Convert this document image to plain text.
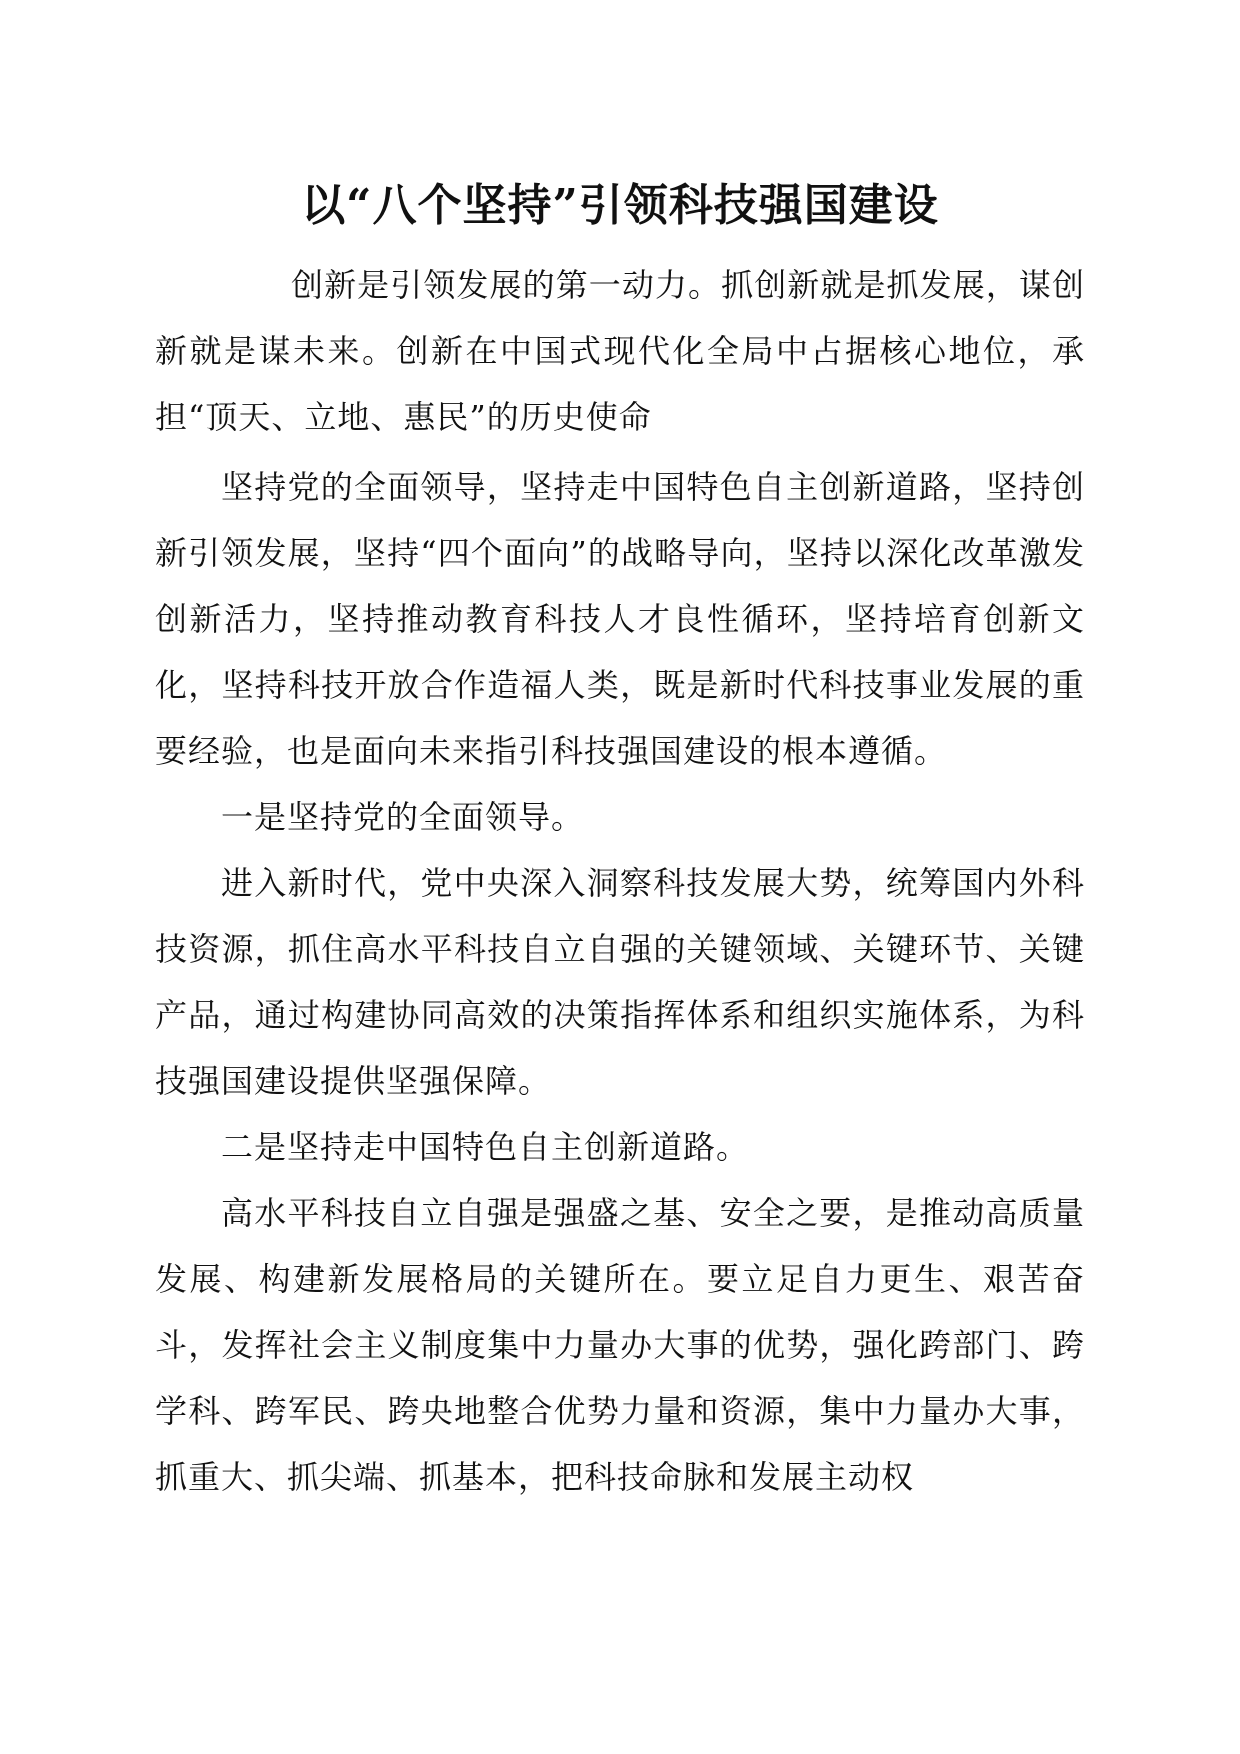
以“八个坚持”引领科技强国建设

创新是引领发展的第一动力。抓创新就是抓发展，谋创新就是谋未来。创新在中国式现代化全局中占据核心地位，承担“顶天、立地、惠民”的历史使命

坚持党的全面领导，坚持走中国特色自主创新道路，坚持创新引领发展，坚持“四个面向”的战略导向，坚持以深化改革激发创新活力，坚持推动教育科技人才良性循环，坚持培育创新文化，坚持科技开放合作造福人类，既是新时代科技事业发展的重要经验，也是面向未来指引科技强国建设的根本遵循。

一是坚持党的全面领导。

进入新时代，党中央深入洞察科技发展大势，统筹国内外科技资源，抓住高水平科技自立自强的关键领域、关键环节、关键产品，通过构建协同高效的决策指挥体系和组织实施体系，为科技强国建设提供坚强保障。

二是坚持走中国特色自主创新道路。

高水平科技自立自强是强盛之基、安全之要，是推动高质量发展、构建新发展格局的关键所在。要立足自力更生、艰苦奋斗，发挥社会主义制度集中力量办大事的优势，强化跨部门、跨学科、跨军民、跨央地整合优势力量和资源，集中力量办大事，抓重大、抓尖端、抓基本，把科技命脉和发展主动权
